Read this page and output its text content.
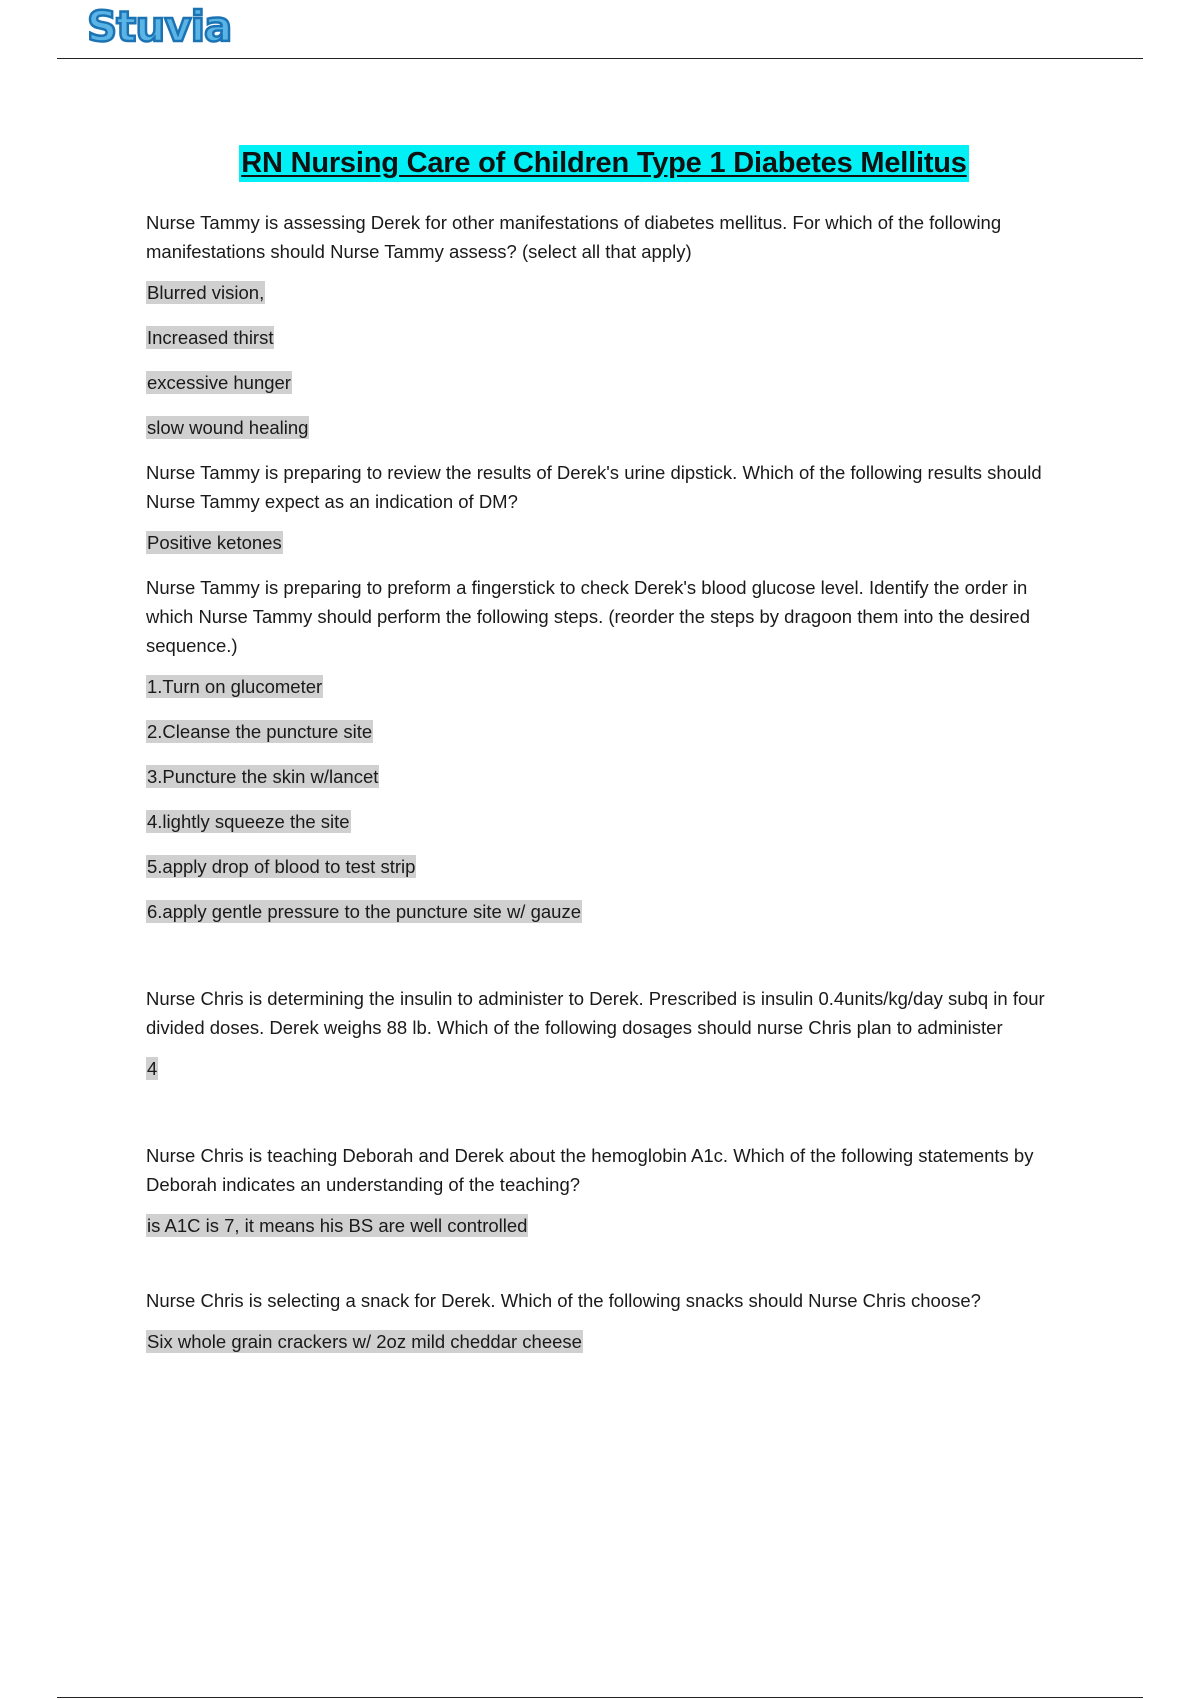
Stuvia
RN Nursing Care of Children Type 1 Diabetes Mellitus

Nurse Tammy is assessing Derek for other manifestations of diabetes mellitus. For which of the following manifestations should Nurse Tammy assess? (select all that apply)

Blurred vision,

Increased thirst

excessive hunger

slow wound healing

Nurse Tammy is preparing to review the results of Derek's urine dipstick. Which of the following results should Nurse Tammy expect as an indication of DM?

Positive ketones

Nurse Tammy is preparing to preform a fingerstick to check Derek's blood glucose level. Identify the order in which Nurse Tammy should perform the following steps. (reorder the steps by dragoon them into the desired sequence.)

1.Turn on glucometer

2.Cleanse the puncture site

3.Puncture the skin w/lancet

4.lightly squeeze the site

5.apply drop of blood to test strip

6.apply gentle pressure to the puncture site w/ gauze

Nurse Chris is determining the insulin to administer to Derek. Prescribed is insulin 0.4units/kg/day subq in four divided doses. Derek weighs 88 lb. Which of the following dosages should nurse Chris plan to administer

4

Nurse Chris is teaching Deborah and Derek about the hemoglobin A1c. Which of the following statements by Deborah indicates an understanding of the teaching?

is A1C is 7, it means his BS are well controlled

Nurse Chris is selecting a snack for Derek. Which of the following snacks should Nurse Chris choose?

Six whole grain crackers w/ 2oz mild cheddar cheese
